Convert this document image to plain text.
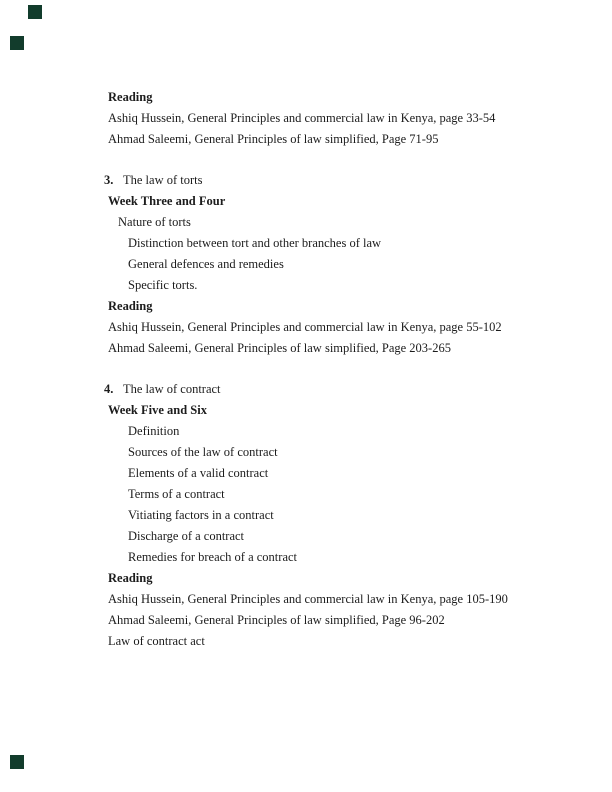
Reading
Ashiq Hussein, General Principles and commercial law in Kenya, page 33-54
Ahmad Saleemi, General Principles of law simplified, Page 71-95
3. The law of torts
Week Three and Four
Nature of torts
Distinction between tort and other branches of law
General defences and remedies
Specific torts.
Reading
Ashiq Hussein, General Principles and commercial law in Kenya, page 55-102
Ahmad Saleemi, General Principles of law simplified, Page 203-265
4. The law of contract
Week Five and Six
Definition
Sources of the law of contract
Elements of a valid contract
Terms of a contract
Vitiating factors in a contract
Discharge of a contract
Remedies for breach of a contract
Reading
Ashiq Hussein, General Principles and commercial law in Kenya, page 105-190
Ahmad Saleemi, General Principles of law simplified, Page 96-202
Law of contract act
